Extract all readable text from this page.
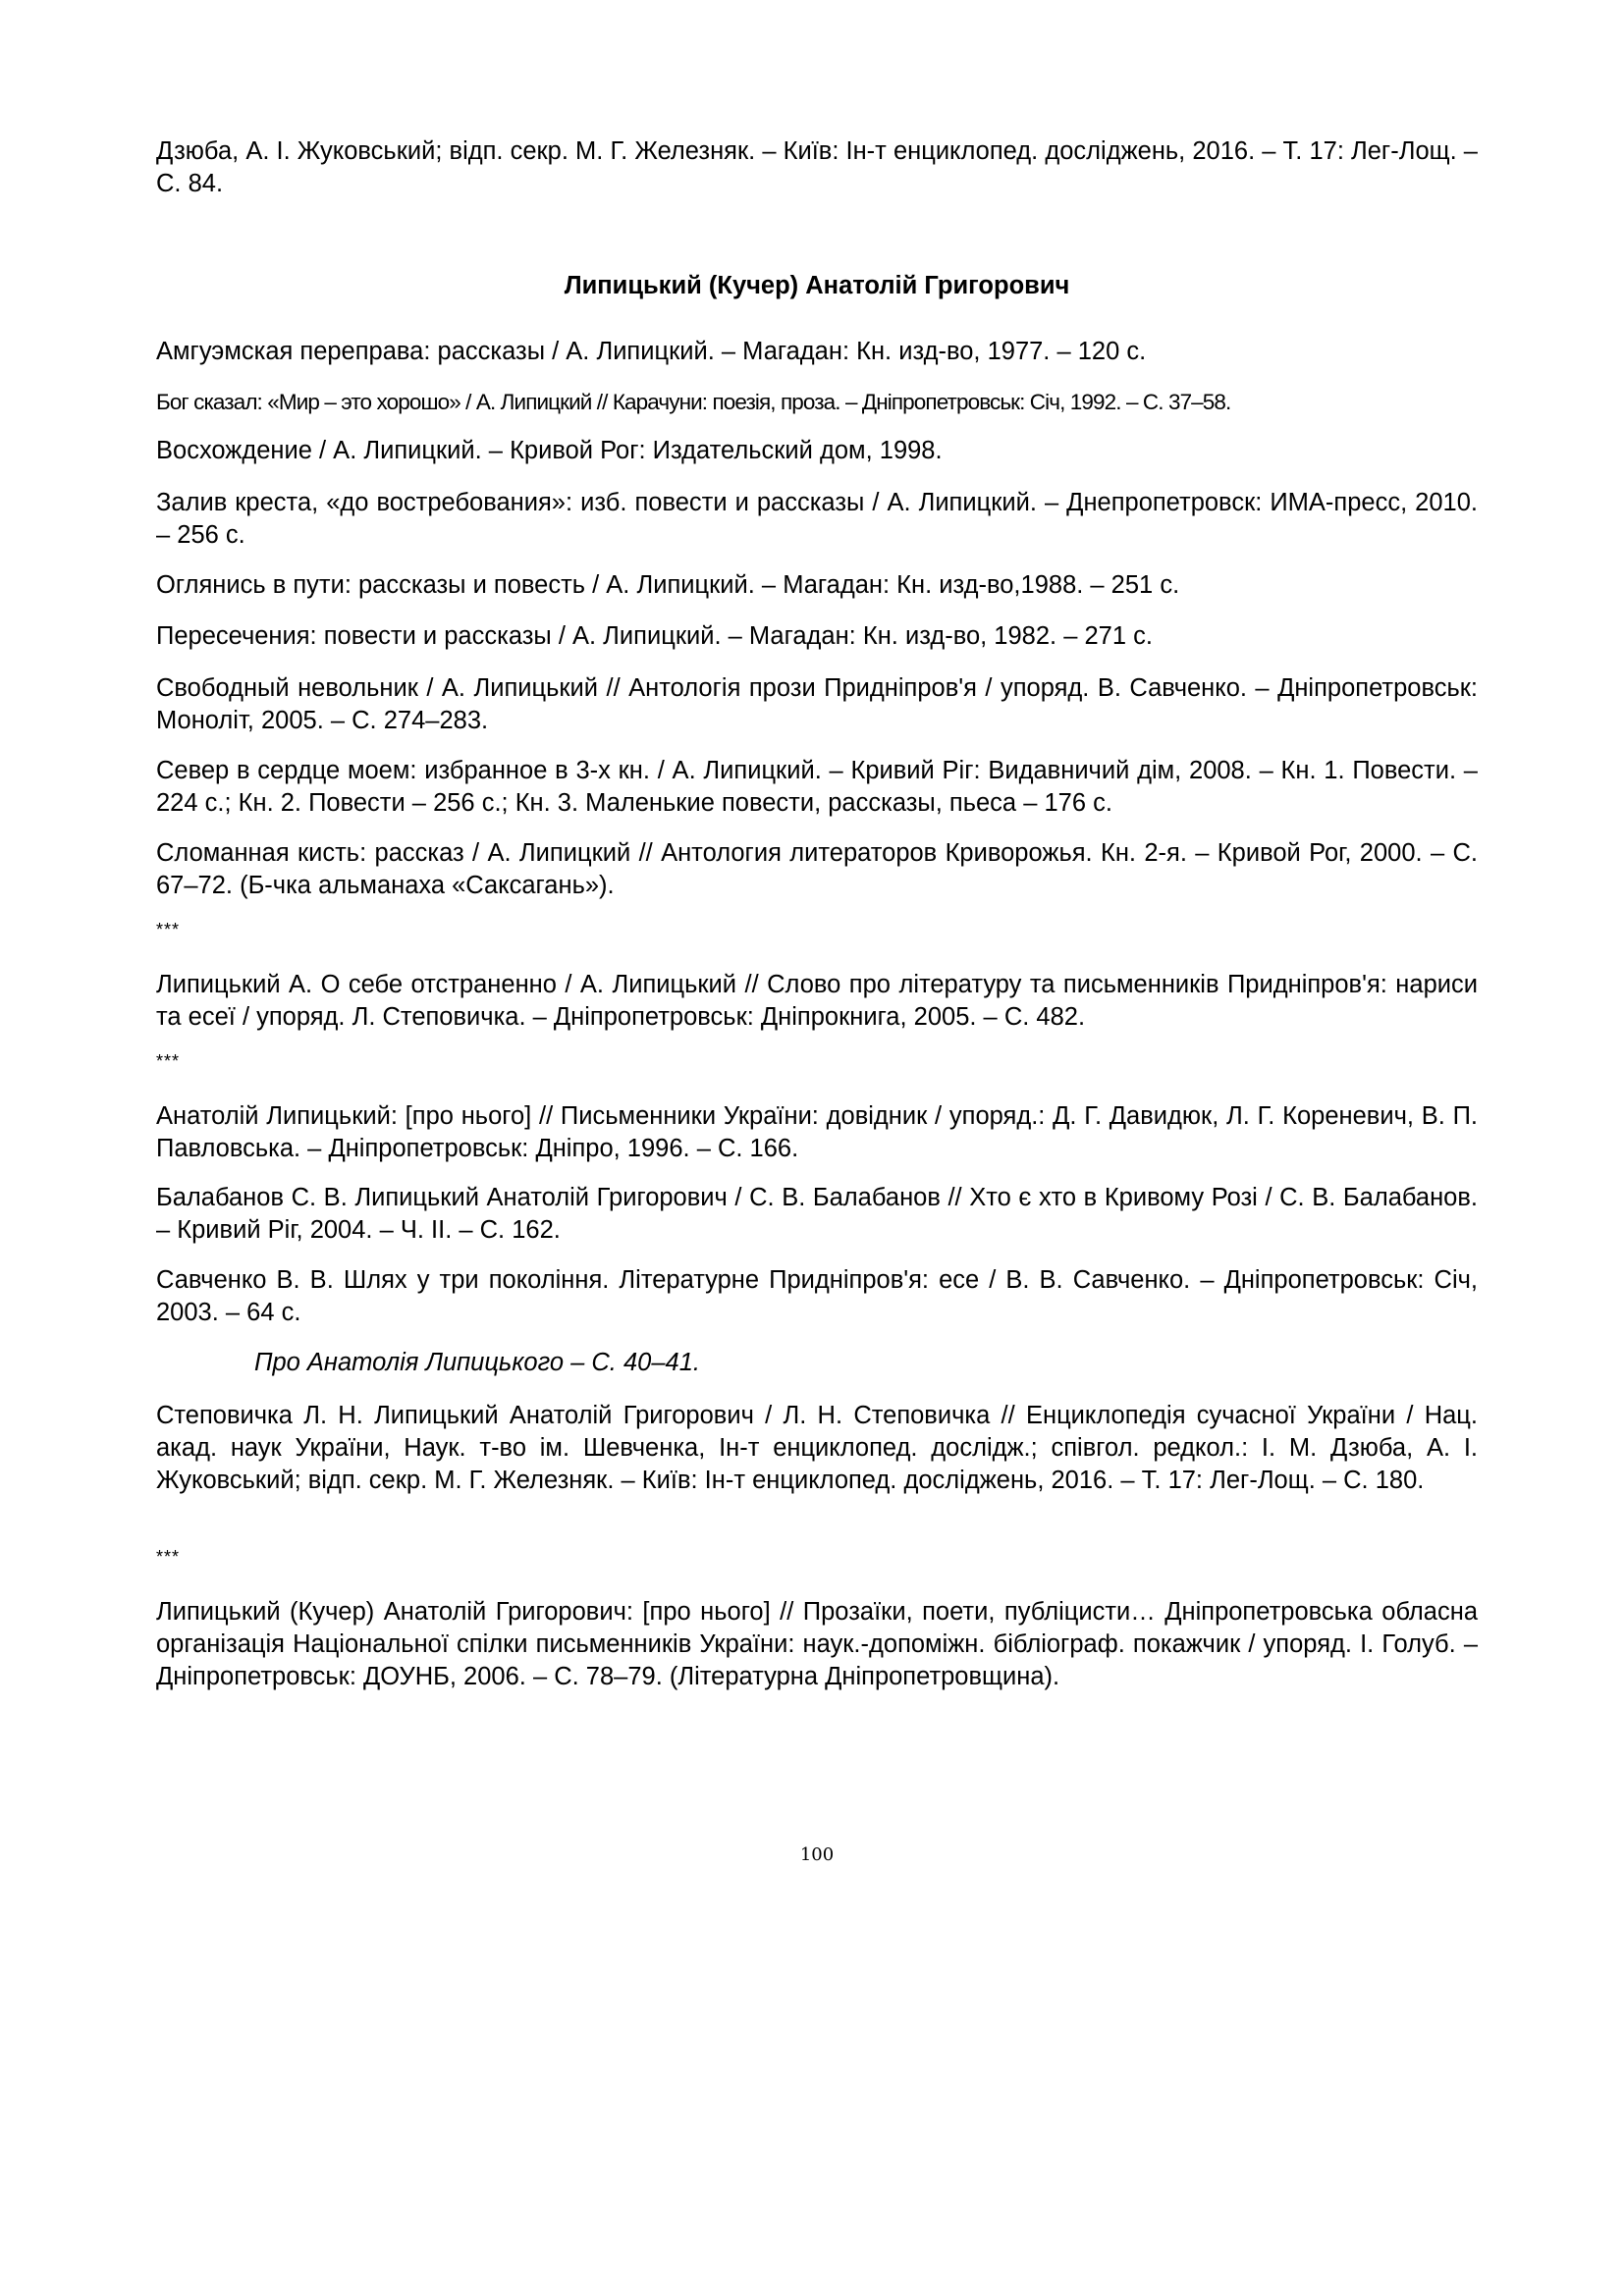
Дзюба, А. І. Жуковський; відп. секр. М. Г. Железняк. – Київ: Ін-т енциклопед. досліджень, 2016. – Т. 17: Лег-Лощ. – С. 84.

Липицький (Кучер) Анатолій Григорович

Амгуэмская переправа: рассказы / А. Липицкий. – Магадан: Кн. изд-во, 1977. – 120 с.

Бог сказал: «Мир – это хорошо» / А. Липицкий // Карачуни: поезія, проза. – Дніпропетровськ: Січ, 1992. – С. 37–58.

Восхождение / А. Липицкий. – Кривой Рог: Издательский дом, 1998.

Залив креста, «до востребования»: изб. повести и рассказы / А. Липицкий. – Днепропетровск: ИМА-пресс, 2010. – 256 с.

Оглянись в пути: рассказы и повесть / А. Липицкий. – Магадан: Кн. изд-во,1988. – 251 с.

Пересечения: повести и рассказы / А. Липицкий. – Магадан: Кн. изд-во, 1982. – 271 с.

Свободный невольник / А. Липицький // Антологія прози Придніпров'я / упоряд. В. Савченко. – Дніпропетровськ: Моноліт, 2005. – С. 274–283.

Север в сердце моем: избранное в 3-х кн. / А. Липицкий. – Кривий Ріг: Видавничий дім, 2008. – Кн. 1. Повести. – 224 с.; Кн. 2. Повести – 256 с.; Кн. 3. Маленькие повести, рассказы, пьеса – 176 с.

Сломанная кисть: рассказ / А. Липицкий // Антология литераторов Криворожья. Кн. 2-я. – Кривой Рог, 2000. – С. 67–72. (Б-чка альманаха «Саксагань»).

***

Липицький А. О себе отстраненно / А. Липицький // Слово про літературу та письменників Придніпров'я: нариси та есеї / упоряд. Л. Степовичка. – Дніпропетровськ: Дніпрокнига, 2005. – С. 482.

***

Анатолій Липицький: [про нього] // Письменники України: довідник / упоряд.: Д. Г. Давидюк, Л. Г. Кореневич, В. П. Павловська. – Дніпропетровськ: Дніпро, 1996. – С. 166.

Балабанов С. В. Липицький Анатолій Григорович / С. В. Балабанов // Хто є хто в Кривому Розі / С. В. Балабанов. – Кривий Ріг, 2004. – Ч. ІІ. – С. 162.

Савченко В. В. Шлях у три покоління. Літературне Придніпров'я: есе / В. В. Савченко. – Дніпропетровськ: Січ, 2003. – 64 с.

Про Анатолія Липицького – С. 40–41.

Степовичка Л. Н. Липицький Анатолій Григорович / Л. Н. Степовичка // Енциклопедія сучасної України / Нац. акад. наук України, Наук. т-во ім. Шевченка, Ін-т енциклопед. дослідж.; співгол. редкол.: І. М. Дзюба, А. І. Жуковський; відп. секр. М. Г. Железняк. – Київ: Ін-т енциклопед. досліджень, 2016. – Т. 17: Лег-Лощ. – С. 180.

***

Липицький (Кучер) Анатолій Григорович: [про нього] // Прозаїки, поети, публіцисти… Дніпропетровська обласна організація Національної спілки письменників України: наук.-допоміжн. бібліограф. покажчик / упоряд. І. Голуб. – Дніпропетровськ: ДОУНБ, 2006. – С. 78–79. (Літературна Дніпропетровщина).

100
